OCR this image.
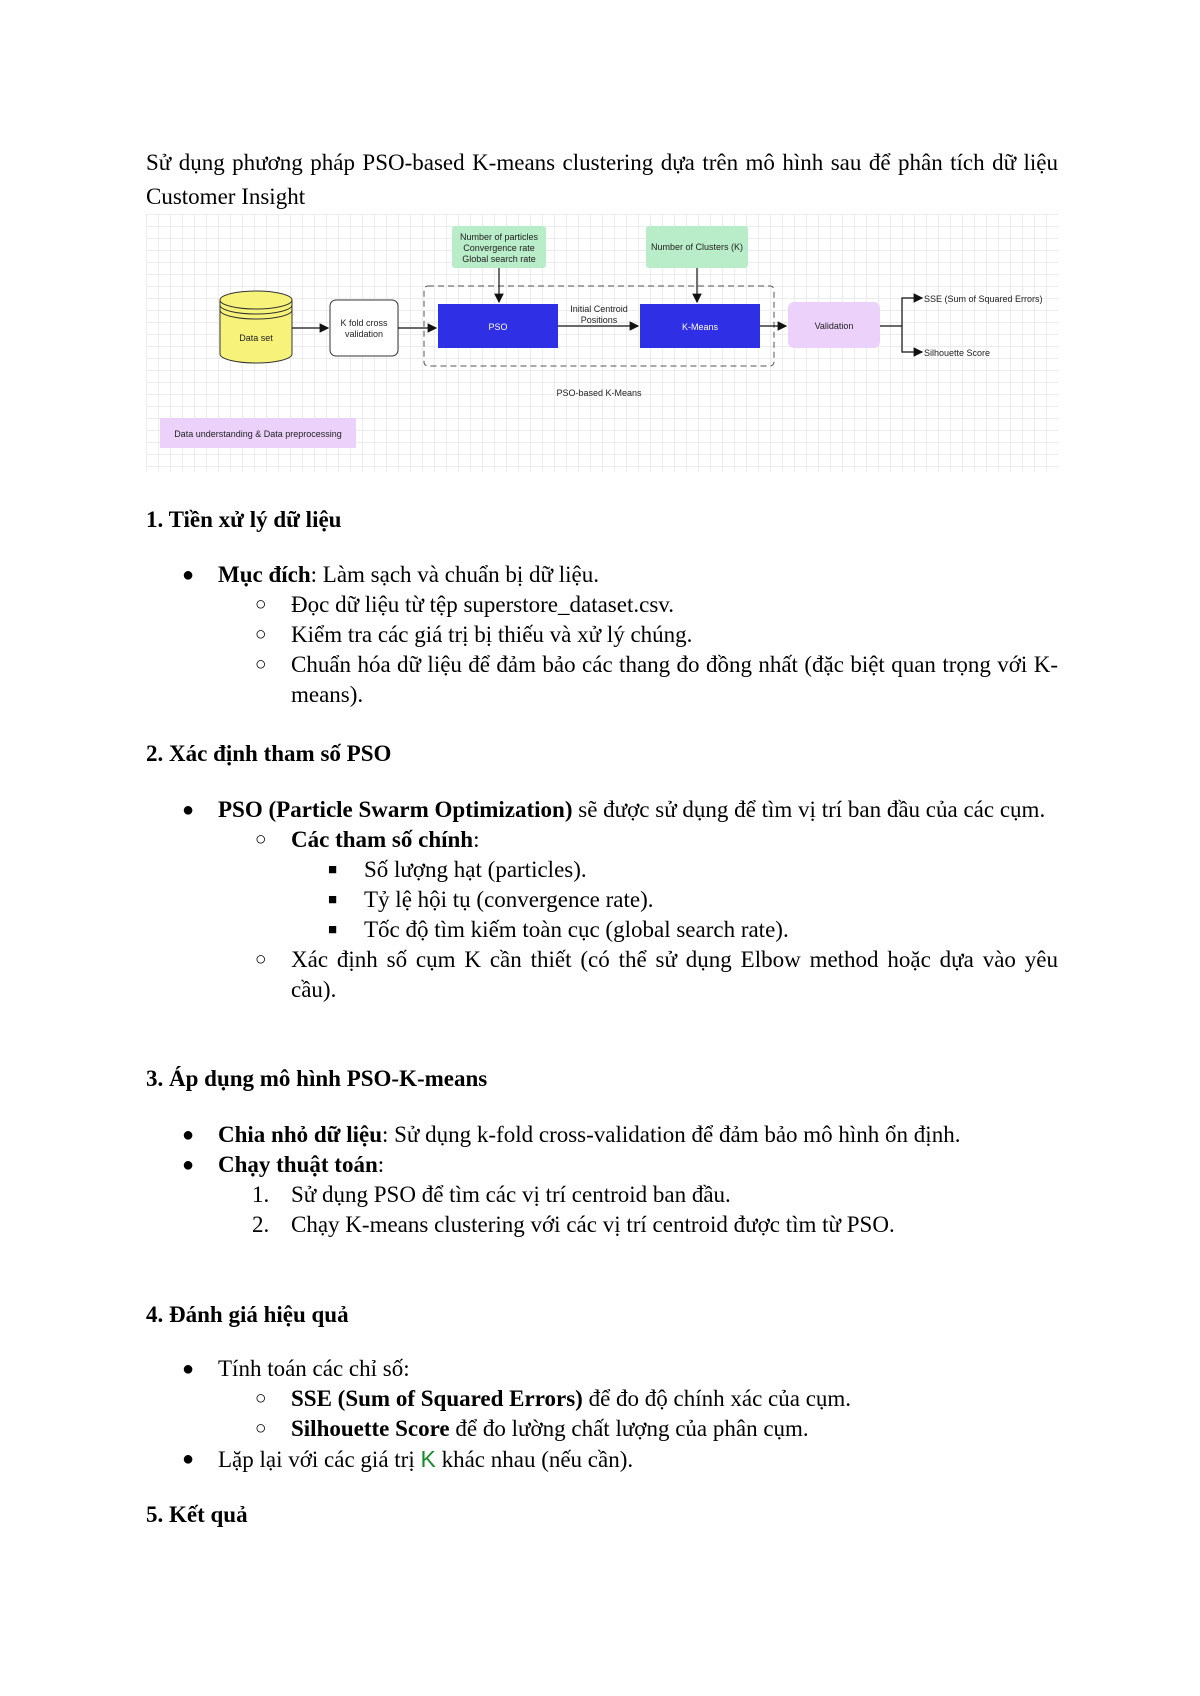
Sử dụng phương pháp PSO-based K-means clustering dựa trên mô hình sau để phân tích dữ liệu Customer Insight
PSO-based K-Means
Number of particles
Convergence rate
Global search rate
Number of Clusters (K)
Data set
K fold cross
validation
PSO	K-Means
Initial Centroid
Positions
Validation
SSE (Sum of Squared Errors)
Silhouette Score
Data understanding & Data preprocessing
1. Tiền xử lý dữ liệu
● Mục đích: Làm sạch và chuẩn bị dữ liệu.
○ Đọc dữ liệu từ tệp superstore_dataset.csv.
○ Kiểm tra các giá trị bị thiếu và xử lý chúng.
○ Chuẩn hóa dữ liệu để đảm bảo các thang đo đồng nhất (đặc biệt quan trọng với K-means).
2. Xác định tham số PSO
● PSO (Particle Swarm Optimization) sẽ được sử dụng để tìm vị trí ban đầu của các cụm.
○ Các tham số chính:
■ Số lượng hạt (particles).
■ Tỷ lệ hội tụ (convergence rate).
■ Tốc độ tìm kiếm toàn cục (global search rate).
○ Xác định số cụm K cần thiết (có thể sử dụng Elbow method hoặc dựa vào yêu cầu).
3. Áp dụng mô hình PSO-K-means
● Chia nhỏ dữ liệu: Sử dụng k-fold cross-validation để đảm bảo mô hình ổn định.
● Chạy thuật toán:
1. Sử dụng PSO để tìm các vị trí centroid ban đầu.
2. Chạy K-means clustering với các vị trí centroid được tìm từ PSO.
4. Đánh giá hiệu quả
● Tính toán các chỉ số:
○ SSE (Sum of Squared Errors) để đo độ chính xác của cụm.
○ Silhouette Score để đo lường chất lượng của phân cụm.
● Lặp lại với các giá trị K khác nhau (nếu cần).
5. Kết quả
